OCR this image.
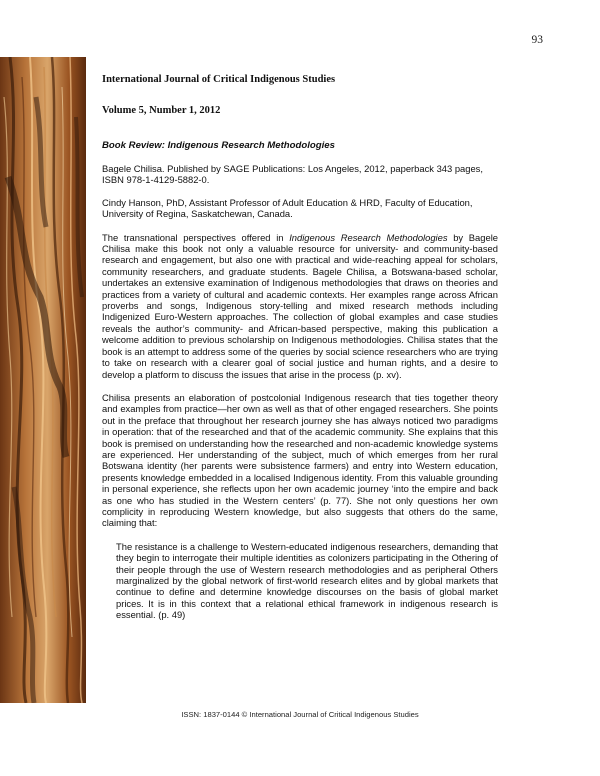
93
International Journal of Critical Indigenous Studies
Volume 5, Number 1, 2012
Book Review: Indigenous Research Methodologies

Bagele Chilisa. Published by SAGE Publications: Los Angeles, 2012, paperback 343 pages, ISBN 978-1-4129-5882-0.

Cindy Hanson, PhD, Assistant Professor of Adult Education & HRD, Faculty of Education, University of Regina, Saskatchewan, Canada.

The transnational perspectives offered in Indigenous Research Methodologies by Bagele Chilisa make this book not only a valuable resource for university- and community-based research and engagement, but also one with practical and wide-reaching appeal for scholars, community researchers, and graduate students. Bagele Chilisa, a Botswana-based scholar, undertakes an extensive examination of Indigenous methodologies that draws on theories and practices from a variety of cultural and academic contexts. Her examples range across African proverbs and songs, Indigenous story-telling and mixed research methods including Indigenized Euro-Western approaches. The collection of global examples and case studies reveals the author’s community- and African-based perspective, making this publication a welcome addition to previous scholarship on Indigenous methodologies. Chilisa states that the book is an attempt to address some of the queries by social science researchers who are trying to take on research with a clearer goal of social justice and human rights, and a desire to develop a platform to discuss the issues that arise in the process (p. xv).

Chilisa presents an elaboration of postcolonial Indigenous research that ties together theory and examples from practice—her own as well as that of other engaged researchers. She points out in the preface that throughout her research journey she has always noticed two paradigms in operation: that of the researched and that of the academic community. She explains that this book is premised on understanding how the researched and non-academic knowledge systems are experienced. Her understanding of the subject, much of which emerges from her rural Botswana identity (her parents were subsistence farmers) and entry into Western education, presents knowledge embedded in a localised Indigenous identity. From this valuable grounding in personal experience, she reflects upon her own academic journey ‘into the empire and back as one who has studied in the Western centers’ (p. 77). She not only questions her own complicity in reproducing Western knowledge, but also suggests that others do the same, claiming that:

The resistance is a challenge to Western-educated indigenous researchers, demanding that they begin to interrogate their multiple identities as colonizers participating in the Othering of their people through the use of Western research methodologies and as peripheral Others marginalized by the global network of first-world research elites and by global markets that continue to define and determine knowledge discourses on the basis of global market prices. It is in this context that a relational ethical framework in indigenous research is essential. (p. 49)

ISSN: 1837-0144 © International Journal of Critical Indigenous Studies
